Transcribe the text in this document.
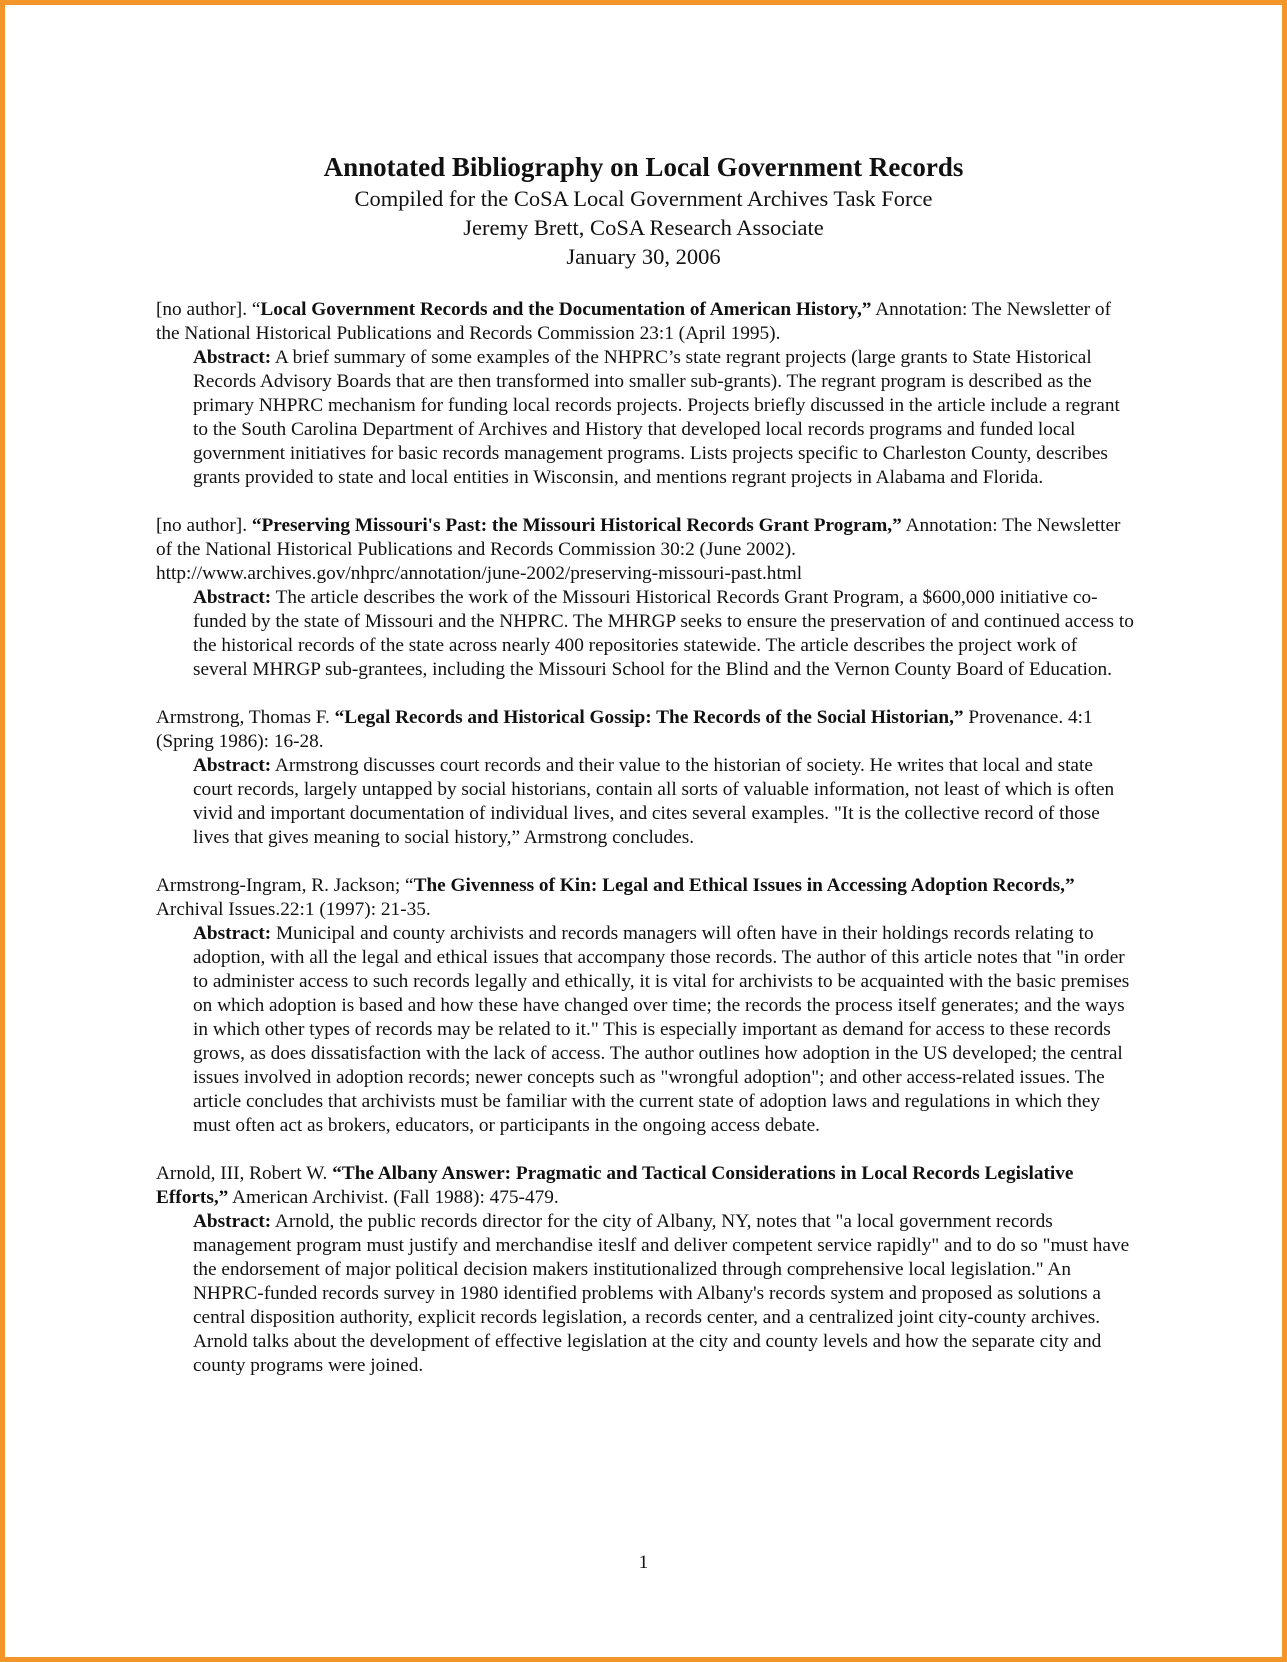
Annotated Bibliography on Local Government Records

Compiled for the CoSA Local Government Archives Task Force

Jeremy Brett, CoSA Research Associate

January 30, 2006

[no author]. “Local Government Records and the Documentation of American History,” Annotation: The Newsletter of the National Historical Publications and Records Commission 23:1 (April 1995).

Abstract: A brief summary of some examples of the NHPRC’s state regrant projects (large grants to State Historical Records Advisory Boards that are then transformed into smaller sub-grants). The regrant program is described as the primary NHPRC mechanism for funding local records projects. Projects briefly discussed in the article include a regrant to the South Carolina Department of Archives and History that developed local records programs and funded local government initiatives for basic records management programs. Lists projects specific to Charleston County, describes grants provided to state and local entities in Wisconsin, and mentions regrant projects in Alabama and Florida.

[no author]. “Preserving Missouri's Past: the Missouri Historical Records Grant Program,” Annotation: The Newsletter of the National Historical Publications and Records Commission 30:2 (June 2002). http://www.archives.gov/nhprc/annotation/june-2002/preserving-missouri-past.html

Abstract: The article describes the work of the Missouri Historical Records Grant Program, a $600,000 initiative co-funded by the state of Missouri and the NHPRC. The MHRGP seeks to ensure the preservation of and continued access to the historical records of the state across nearly 400 repositories statewide. The article describes the project work of several MHRGP sub-grantees, including the Missouri School for the Blind and the Vernon County Board of Education.

Armstrong, Thomas F. “Legal Records and Historical Gossip: The Records of the Social Historian,” Provenance. 4:1 (Spring 1986): 16-28.

Abstract: Armstrong discusses court records and their value to the historian of society. He writes that local and state court records, largely untapped by social historians, contain all sorts of valuable information, not least of which is often vivid and important documentation of individual lives, and cites several examples. "It is the collective record of those lives that gives meaning to social history,” Armstrong concludes.

Armstrong-Ingram, R. Jackson; “The Givenness of Kin: Legal and Ethical Issues in Accessing Adoption Records,” Archival Issues.22:1 (1997): 21-35.

Abstract: Municipal and county archivists and records managers will often have in their holdings records relating to adoption, with all the legal and ethical issues that accompany those records. The author of this article notes that "in order to administer access to such records legally and ethically, it is vital for archivists to be acquainted with the basic premises on which adoption is based and how these have changed over time; the records the process itself generates; and the ways in which other types of records may be related to it." This is especially important as demand for access to these records grows, as does dissatisfaction with the lack of access. The author outlines how adoption in the US developed; the central issues involved in adoption records; newer concepts such as "wrongful adoption"; and other access-related issues. The article concludes that archivists must be familiar with the current state of adoption laws and regulations in which they must often act as brokers, educators, or participants in the ongoing access debate.

Arnold, III, Robert W. “The Albany Answer: Pragmatic and Tactical Considerations in Local Records Legislative Efforts,” American Archivist. (Fall 1988): 475-479.

Abstract: Arnold, the public records director for the city of Albany, NY, notes that "a local government records management program must justify and merchandise iteslf and deliver competent service rapidly" and to do so "must have the endorsement of major political decision makers institutionalized through comprehensive local legislation." An NHPRC-funded records survey in 1980 identified problems with Albany's records system and proposed as solutions a central disposition authority, explicit records legislation, a records center, and a centralized joint city-county archives. Arnold talks about the development of effective legislation at the city and county levels and how the separate city and county programs were joined.

1
